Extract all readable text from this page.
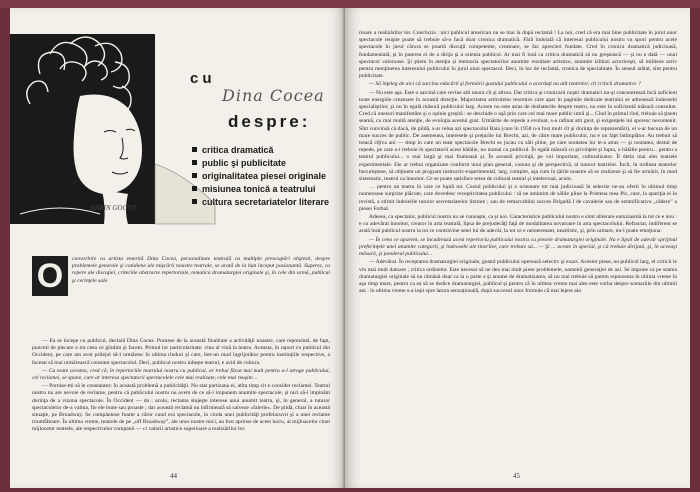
cu
Dina Cocea
despre:
critica dramatică
public şi publicitate
originalitatea piesei originale
misiunea tonică a teatrului
cultura secretariatelor literare
HARIN GOGOT
O	convorbire cu artista emeritã Dina Cocea, personalitate teatralã cu multiple preocupãri obştesti, despre problemele generale şi cotidiene ale mişcãrii noastre teatrale, se aratã de la bun început pasionantã. Superez, ca repere ale discuţiei, criteriile abstracte repertoriale, tematica dramaturgiei originale şi, în cele din urmã, publicul şi cerinţele sale.

— Ea se începe cu publicul, declarã Dina Cocea. Pornese de la această finalitate a activităţii noastre, care reprezintă, de fapt, punctul de plecare a tot ceea ce gîndim şi facem. Primul lor particularitate: vina al vină la teatru. Aceasta, în raport cu publicul din Occident, pe care am avut prilejul sã-l urmãresc în ultima rînduri şi care, într-un mod îngrijorãtor pentru instituţiile respective, a încetat sã mai urmãreascã constant spectacolul. Deci, publicul nostru iubeşte teatrul, e avid de cultura.

— Cu toate acestea, cred cã, în repertoriile teatrului nostru cu publicul, ar trebui fãcut mai mult pentru a-l atrage publicului, cel reclamei, se spune, care ar interesa spectatorii spectacolele cele mai realizate, cele mai reuşite…

— Pornise-mi sã le constantez: în această problemã a publicităţii. Nu stat partizana ei, atîta timp cît e consider reclamei. Teatrul nostru nu are nevoie de reclame, pentru cã publicului nostru nu avem de ce sã-i impunem anumite spectacole, şi nici sã-i impinãm dorinţa de a vizona spectacole. În Occident — da ; acolo, reclama slujeşte interese unui anumit teatru, şi, în general, a tuturor spectacolelor de-a valma, fie ele bune sau proaste ; dar aceastã reclamã nu infirmeazã sã salveze «falerie». De pildã, chiar în această situaţie, pe Broadway. Se compãnteze foarte a cãror cund era spectacole, în ciuda unei publicităţi profelacuvit şi a unei reclame triumfătoare. În ultima vreme, teatrele de pe „off Broadway”, ale unor nostre mici, au fost aprinse de acest lucru, al mijloacelor cinei mijlocetor teatrele, ale respectivelor companii — ci valorii artistice superioare a realizărilor lor.

44

rioare a realizărilor lor. Concluzia : nici publicul american nu se mai la după reclamă ! La noi, cred cã era mai bine publicitate în jurul unor spectacole reuşite poate să trebuie sã-o facã doar cronica dramaticã. Fãrã îndoialã cã interesul publicului nostru va spori pentru acele spectacole în jurul cãrora se poartã discuţii competente, creatoare, se fac aprecieri fondate. Cred în cronica dramaticã judicioasã, fundamentală, şi în puterea ei de a dirija şi a orienta publicul. Ar mai fi însã ca critica dramaticã să nu greşească — şi nu e dată — unui spectacol valoroase. Şi ştiem în atenţia şi memoria spectatorilor anumite rezultate artistice, anumite izbînzi actoriceşti, să militeze activ pentru menţinerea interesului publicului în jurul unui spectacol. Deci, în loc de reclamă, cronica de specialitate. În sensul arãtat, sînt pentru publicitate.

— Să înţeleg de aici că sarcina educării şi formării gustului publicului o acordaţi nu atît teatrelor, cît criticii dramatice ?

— Nu este aşa. Este o sarcină care revine atît unora cît şi altora. Dar critica şi cronicarii noştri dramatici nu-şi concentrează încă suficient toate energiile creatoare în această direcţie. Majoritatea articolelor teoretice care apar în paginile dedicate teatrului se adresează îndeosebi specialiştilor, şi nu în egală măsură publicului larg. Aceste nu este atras de dezbaterile despre teatru, nu este în suficientă măsură consultat. Cred cã unesori manifestãm şi o opinie greşitã : se deschide o uşă prin care cel mai mare public intrã şi... Cînd în primul rînd, trebuie sã ţinem seamã, cu mai multã atenţie, de evoluţia acestui gust. Urmărite de repede a evoluat, s-a rafinat atit gust, şi exigenţele lui sporesc necontenit. Sînt convinsă cã dacă, de pildă, s-ar relua azi spectacolul Baia (care în 1958 n-a fost mult cît şi dorinţa de reprezentãri), el s-ar bucura de un mare succes de public. De asemenea, interesele şi preţurile lui Brecht, azi, de cãtre mare publicului, nu e un fapt întîmplãtor. Au trebuit să treacă cîţiva ani — timp în care un teatr spectacole Brecht se jucau cu sãli pline, pe care noutatea lor le-a atras — şi noutatea, destul de repede, pe care a-i trebuie în spectatorii acest bãtãlie, nu numai cu publicul. În egală mãsurã cu privinţele şi lupta, o bãtãlie pentru... pentru a teatrul publicului... o mai largã şi mai frumoasã şi. În aceastã privinţã, pe vol important, culturalizator. Îl detin mai ales teatrele experimentale. Ele ar trebui organizate conform unui plan general, comun şi de perspectivã, al tuturor teatrelor. Încît, în ordinea teatrelor bucureştene, sã obţinem un program instructiv-experimental, larg, complet, aşa cum în ţãrile noastre să se realizeze şi să fie urmãrit, în mod sistematic, teatrul ca înnoitor. Ce se poate satisface setea de cultural teatral şi intelectual, acum.

… pentru un teatru în care ce luptã tot. Costul publicului şi o orientare tot mai judicioasã în selectie ne-au oferit în ultimul timp numeroase surprize plăcute, care dovedesc receptivitatea publicului : sã ne amintim de sălile pline la Prietena mea Pic, care, la apariţia ei în revistă, a stîrnit îndoielile tuturor secretariatelor literare ; sau de remarcabilul succes Brigadă I de cavalerie sau de semnificativa „cădere” a piesei Fotbal.

Adesea, ca spectator, publicul nostru nu se cunoaşte, ca şi noi. Caracteristice publicului nostru e simt aliterare entuziasmă la tot ce e nou : e cu adevãrat înnoitor, creator în arta teatrală, lipsa de prejudecăţi faţă de modalitatea novatoare în arta spectacolului. Refractar, indiferent se aratã însã publicul nostru la tot ce contravine setei lui de adevãr, la tot ce e neinteresant, neartistic, şi, prin urmare, nu-l poate emoţiona.

— În ceea ce aparent, se încadrează acest repertoriu publicului nostru cu piesele dramaturgiei originale. Nu e lipsit de adevãr sprijinul preferinţele unei anumite categorii, şi îndeosebi ale tinerilor, care trebuie să... — Şi ... aceste în special, şi că trebuie dirijată, şi, în aceeaşi mãsurã, şi ponderul publicului...

— Adevãrat. În receptarea dramaturgiei originale, gustul publicului opereazã selectiv şi exact. Acestor piese, nu publicul larg, el criticii le vin mai mult datoare ; critica ordinelor. Este necesar să ne dea mai mult piese problemele, oamenii generaţiei de azi. Se impune ca pe seama dramaturgiei originale să nu rămână doar ca la o parte a şi anume de dramatizarea, sã nu mai trebuie sã putem reprezenta în ultima vreme în aşa timp mare, pentru ca ea să se dedice dramaturgiei, publicul şi pentru cã în ultima vreme mai ales este vorba despre scenariile din ultimii ani : în ultima vreme s-a ieşit spre latura senzaţionalã, după succesul unor formule cã mai lejere ale.

45
